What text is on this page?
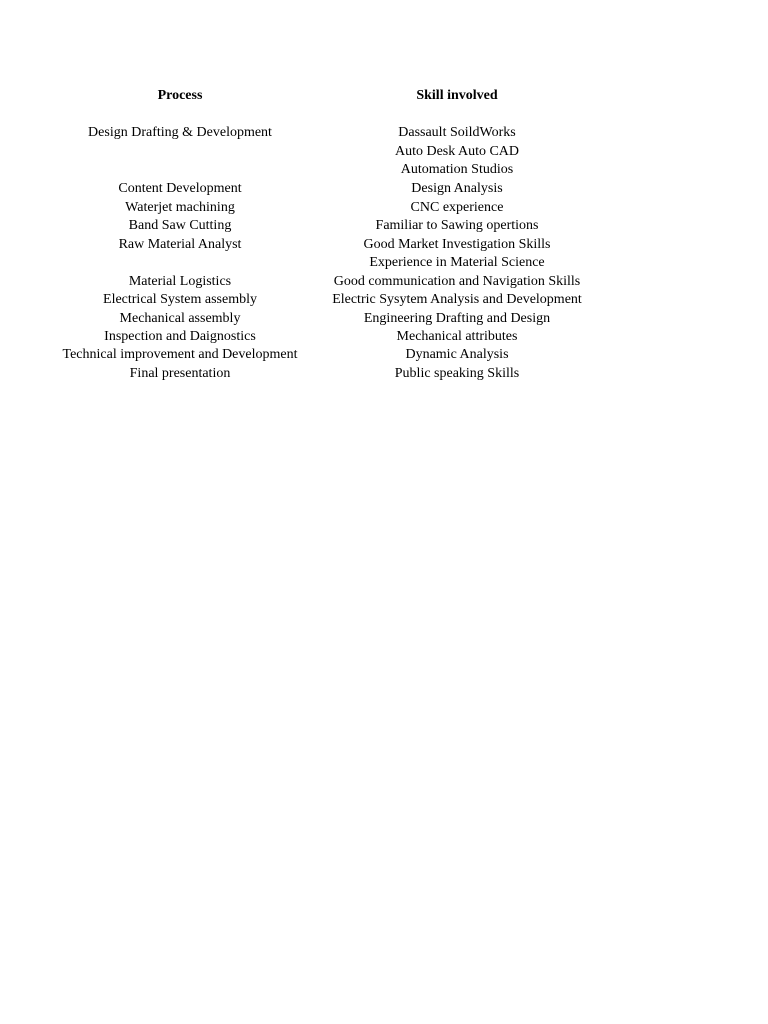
Process
Design Drafting & Development
Content Development
Waterjet machining
Band Saw Cutting
Raw Material Analyst
Material Logistics
Electrical System assembly
Mechanical assembly
Inspection and Daignostics
Technical improvement and Development
Final presentation
Skill involved
Dassault SoildWorks
Auto Desk Auto CAD
Automation Studios
Design Analysis
CNC experience
Familiar to Sawing opertions
Good Market Investigation Skills
Experience in Material Science
Good communication and Navigation Skills
Electric Sysytem Analysis and Development
Engineering Drafting and Design
Mechanical attributes
Dynamic Analysis
Public speaking Skills
